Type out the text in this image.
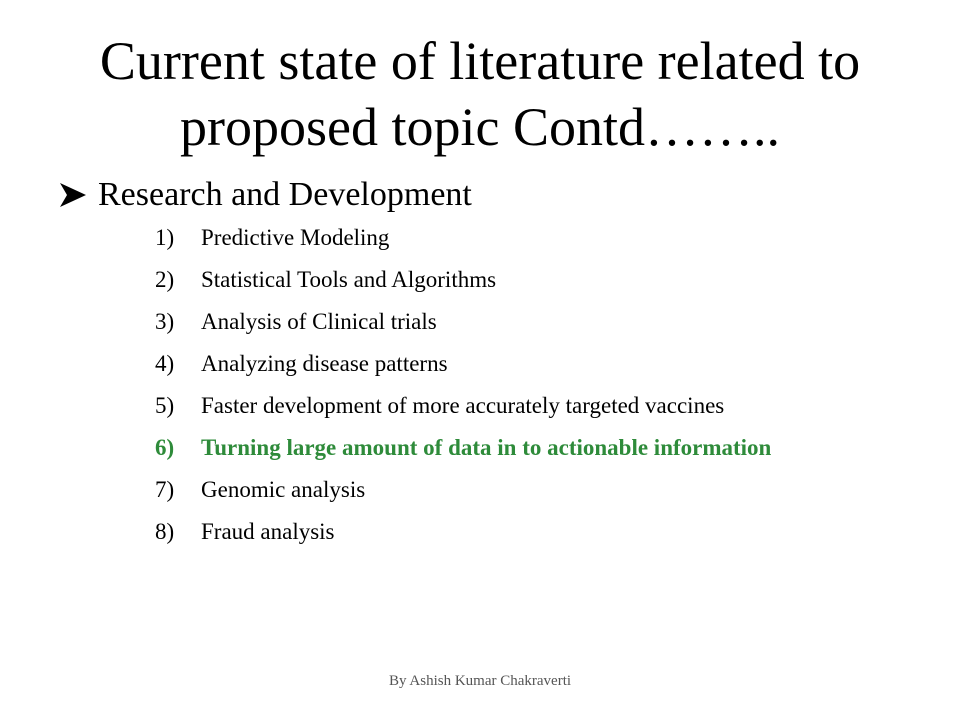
Current state of literature related to proposed topic Contd……..
Research and Development
1)	Predictive Modeling
2)	Statistical Tools and Algorithms
3)	Analysis of Clinical trials
4)	Analyzing disease patterns
5)	Faster development of more accurately targeted vaccines
6)	Turning large amount of data in to actionable information
7)	Genomic analysis
8)	Fraud analysis
By Ashish Kumar Chakraverti
